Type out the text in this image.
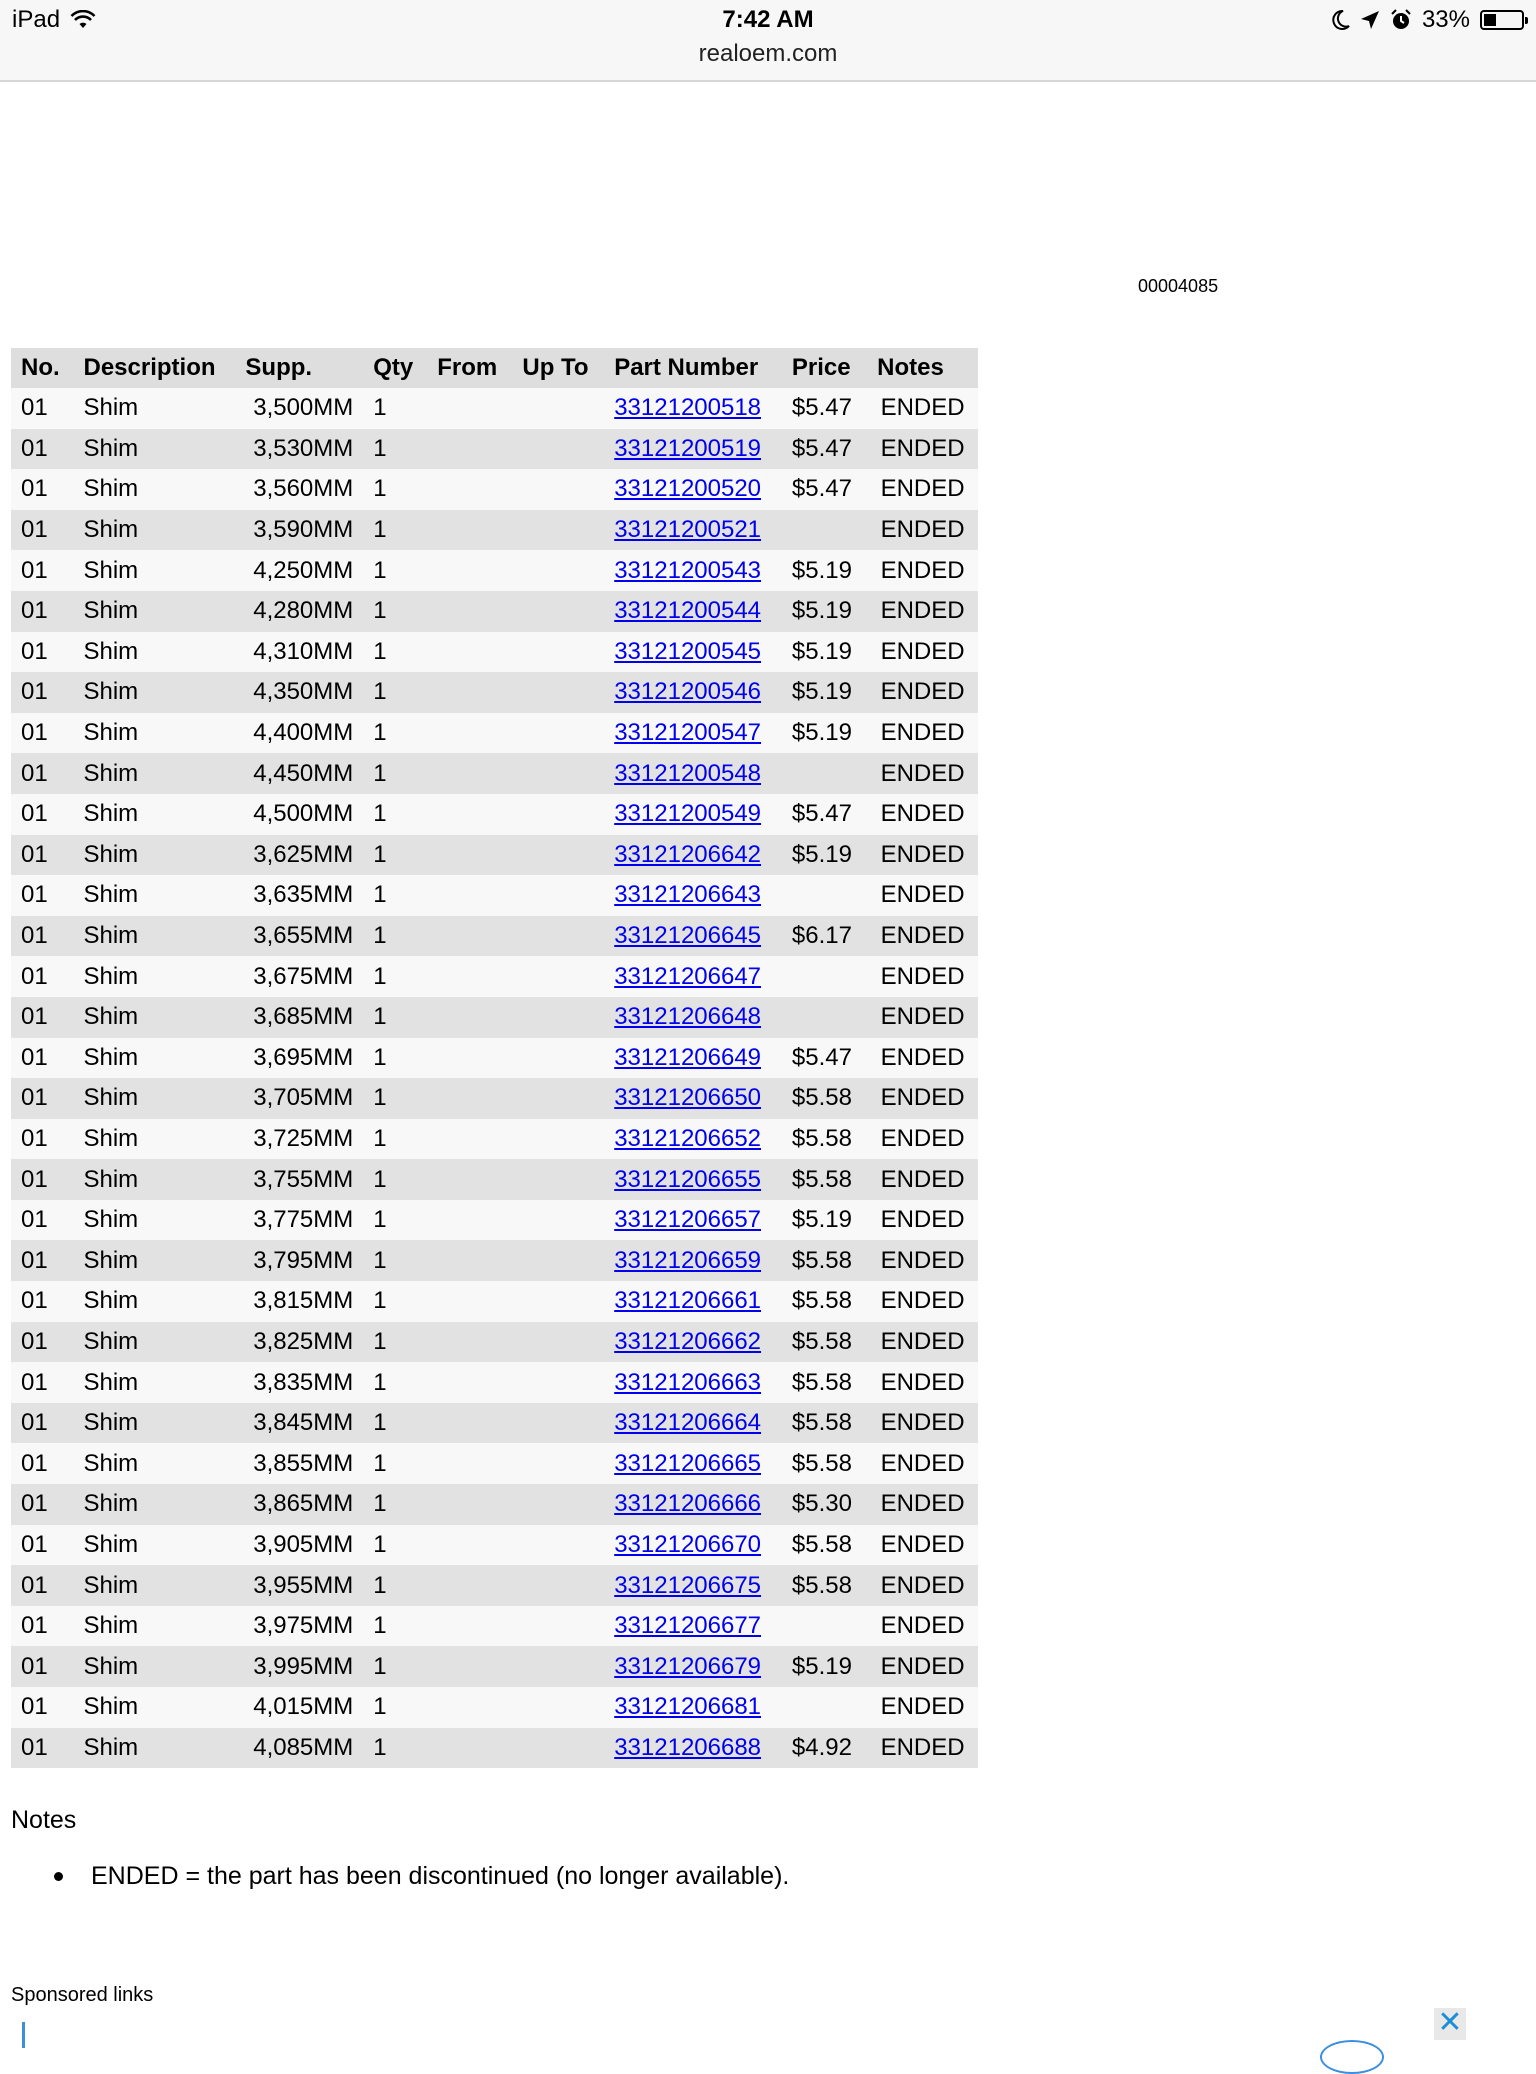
iPad	7:42 AM
realoem.com
33%
00004085
No.	Description	Supp.	Qty	From	Up To	Part Number	Price	Notes
01	Shim	3,500MM	1			33121200518	$5.47	ENDED
01	Shim	3,530MM	1			33121200519	$5.47	ENDED
01	Shim	3,560MM	1			33121200520	$5.47	ENDED
01	Shim	3,590MM	1			33121200521		ENDED
01	Shim	4,250MM	1			33121200543	$5.19	ENDED
01	Shim	4,280MM	1			33121200544	$5.19	ENDED
01	Shim	4,310MM	1			33121200545	$5.19	ENDED
01	Shim	4,350MM	1			33121200546	$5.19	ENDED
01	Shim	4,400MM	1			33121200547	$5.19	ENDED
01	Shim	4,450MM	1			33121200548		ENDED
01	Shim	4,500MM	1			33121200549	$5.47	ENDED
01	Shim	3,625MM	1			33121206642	$5.19	ENDED
01	Shim	3,635MM	1			33121206643		ENDED
01	Shim	3,655MM	1			33121206645	$6.17	ENDED
01	Shim	3,675MM	1			33121206647		ENDED
01	Shim	3,685MM	1			33121206648		ENDED
01	Shim	3,695MM	1			33121206649	$5.47	ENDED
01	Shim	3,705MM	1			33121206650	$5.58	ENDED
01	Shim	3,725MM	1			33121206652	$5.58	ENDED
01	Shim	3,755MM	1			33121206655	$5.58	ENDED
01	Shim	3,775MM	1			33121206657	$5.19	ENDED
01	Shim	3,795MM	1			33121206659	$5.58	ENDED
01	Shim	3,815MM	1			33121206661	$5.58	ENDED
01	Shim	3,825MM	1			33121206662	$5.58	ENDED
01	Shim	3,835MM	1			33121206663	$5.58	ENDED
01	Shim	3,845MM	1			33121206664	$5.58	ENDED
01	Shim	3,855MM	1			33121206665	$5.58	ENDED
01	Shim	3,865MM	1			33121206666	$5.30	ENDED
01	Shim	3,905MM	1			33121206670	$5.58	ENDED
01	Shim	3,955MM	1			33121206675	$5.58	ENDED
01	Shim	3,975MM	1			33121206677		ENDED
01	Shim	3,995MM	1			33121206679	$5.19	ENDED
01	Shim	4,015MM	1			33121206681		ENDED
01	Shim	4,085MM	1			33121206688	$4.92	ENDED
Notes
ENDED = the part has been discontinued (no longer available).
Sponsored links
✕
